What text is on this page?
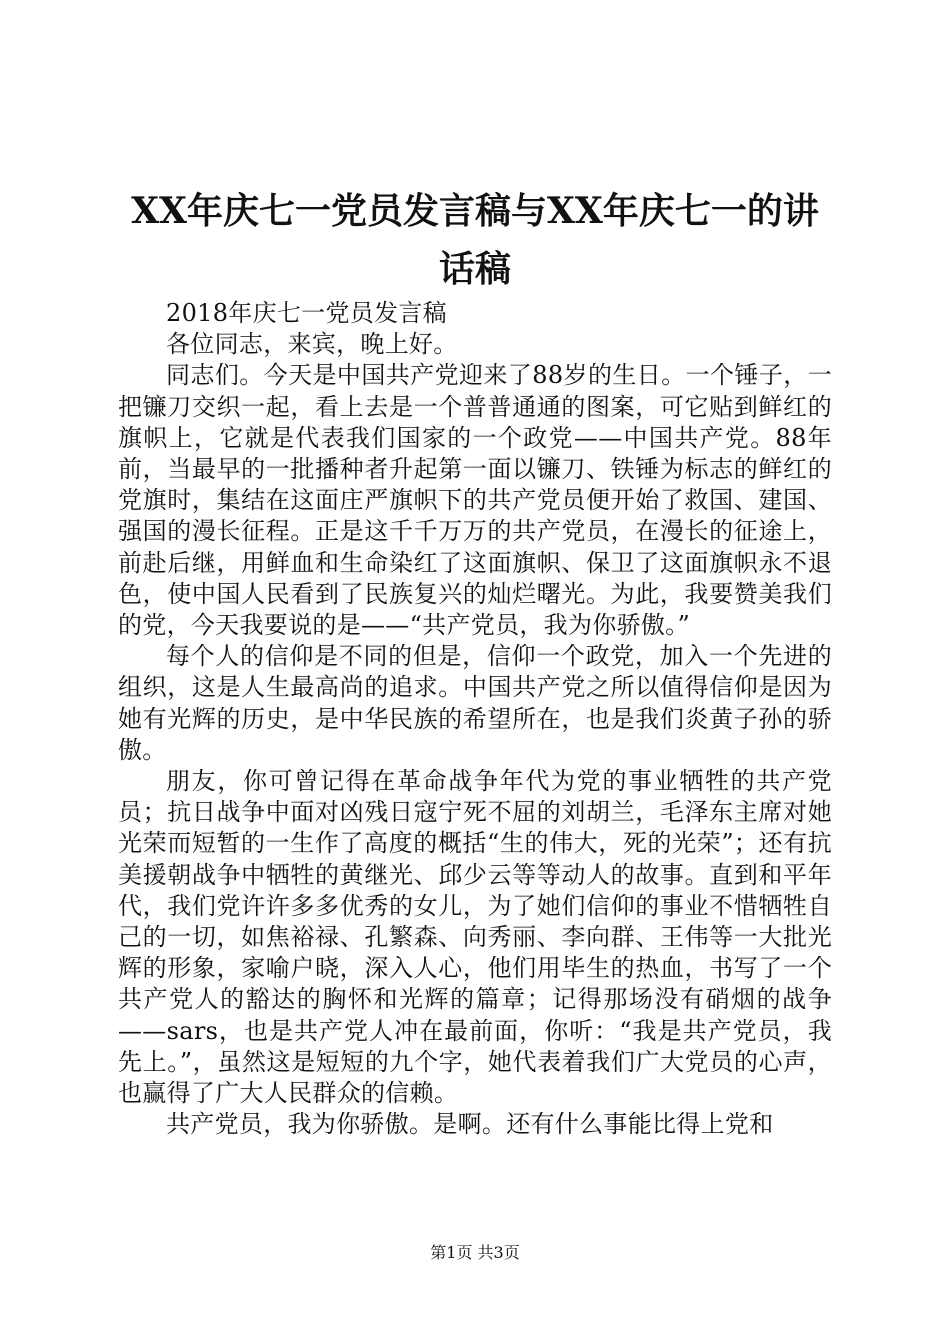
XX年庆七一党员发言稿与XX年庆七一的讲话稿

2018年庆七一党员发言稿

各位同志，来宾，晚上好。

同志们。今天是中国共产党迎来了88岁的生日。一个锤子，一把镰刀交织一起，看上去是一个普普通通的图案，可它贴到鲜红的旗帜上，它就是代表我们国家的一个政党——中国共产党。88年前，当最早的一批播种者升起第一面以镰刀、铁锤为标志的鲜红的党旗时，集结在这面庄严旗帜下的共产党员便开始了救国、建国、强国的漫长征程。正是这千千万万的共产党员，在漫长的征途上，前赴后继，用鲜血和生命染红了这面旗帜、保卫了这面旗帜永不退色，使中国人民看到了民族复兴的灿烂曙光。为此，我要赞美我们的党，今天我要说的是——“共产党员，我为你骄傲。”

每个人的信仰是不同的但是，信仰一个政党，加入一个先进的组织，这是人生最高尚的追求。中国共产党之所以值得信仰是因为她有光辉的历史，是中华民族的希望所在，也是我们炎黄子孙的骄傲。

朋友，你可曾记得在革命战争年代为党的事业牺牲的共产党员；抗日战争中面对凶残日寇宁死不屈的刘胡兰，毛泽东主席对她光荣而短暂的一生作了高度的概括“生的伟大，死的光荣”；还有抗美援朝战争中牺牲的黄继光、邱少云等等动人的故事。直到和平年代，我们党许许多多优秀的女儿，为了她们信仰的事业不惜牺牲自己的一切，如焦裕禄、孔繁森、向秀丽、李向群、王伟等一大批光辉的形象，家喻户晓，深入人心，他们用毕生的热血，书写了一个共产党人的豁达的胸怀和光辉的篇章；记得那场没有硝烟的战争——sars，也是共产党人冲在最前面，你听：“我是共产党员，我先上。”，虽然这是短短的九个字，她代表着我们广大党员的心声，也赢得了广大人民群众的信赖。

共产党员，我为你骄傲。是啊。还有什么事能比得上党和

第1页 共3页
